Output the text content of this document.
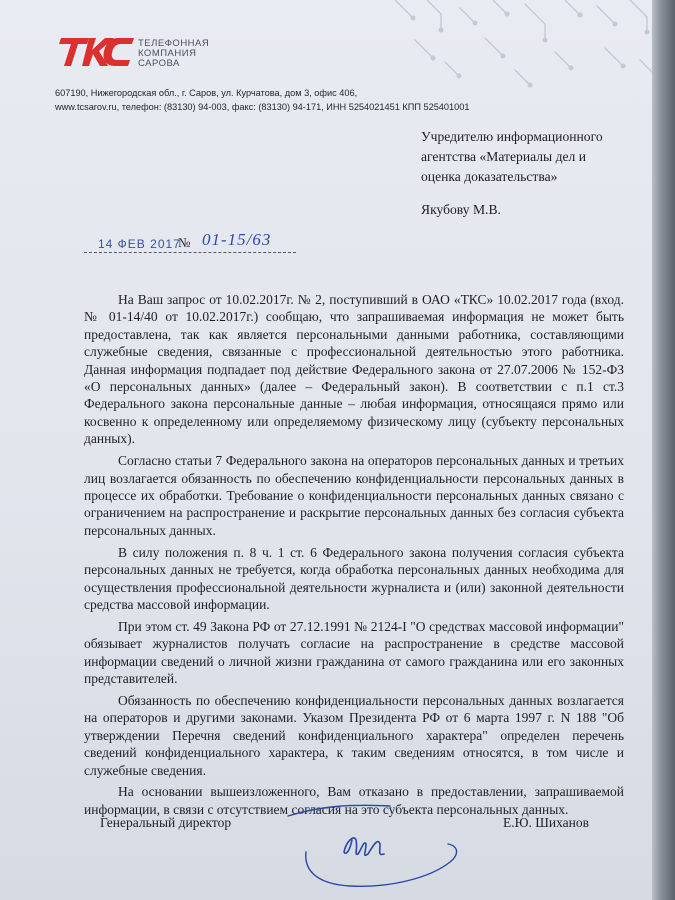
ТЕЛЕФОННАЯ
КОМПАНИЯ
САРОВА
607190, Нижегородская обл., г. Саров, ул. Курчатова, дом 3, офис 406,
www.tcsarov.ru, телефон: (83130) 94-003, факс: (83130) 94-171, ИНН 5254021451 КПП 525401001
Учредителю информационного
агентства «Материалы дел и
оценка доказательства»
Якубову М.В.
14 ФЕВ 2017
№ 01-15/63

На Ваш запрос от 10.02.2017г. № 2, поступивший в ОАО «ТКС» 10.02.2017 года (вход. № 01-14/40 от 10.02.2017г.) сообщаю, что запрашиваемая информация не может быть предоставлена, так как является персональными данными работника, составляющими служебные сведения, связанные с профессиональной деятельностью этого работника. Данная информация подпадает под действие Федерального закона от 27.07.2006 № 152-ФЗ «О персональных данных» (далее – Федеральный закон). В соответствии с п.1 ст.3 Федерального закона персональные данные – любая информация, относящаяся прямо или косвенно к определенному или определяемому физическому лицу (субъекту персональных данных).

Согласно статьи 7 Федерального закона на операторов персональных данных и третьих лиц возлагается обязанность по обеспечению конфиденциальности персональных данных в процессе их обработки. Требование о конфиденциальности персональных данных связано с ограничением на распространение и раскрытие персональных данных без согласия субъекта персональных данных.

В силу положения п. 8 ч. 1 ст. 6 Федерального закона получения согласия субъекта персональных данных не требуется, когда обработка персональных данных необходима для осуществления профессиональной деятельности журналиста и (или) законной деятельности средства массовой информации.

При этом ст. 49 Закона РФ от 27.12.1991 № 2124-I "О средствах массовой информации" обязывает журналистов получать согласие на распространение в средстве массовой информации сведений о личной жизни гражданина от самого гражданина или его законных представителей.

Обязанность по обеспечению конфиденциальности персональных данных возлагается на операторов и другими законами. Указом Президента РФ от 6 марта 1997 г. N 188 "Об утверждении Перечня сведений конфиденциального характера" определен перечень сведений конфиденциального характера, к таким сведениям относятся, в том числе и служебные сведения.

На основании вышеизложенного, Вам отказано в предоставлении, запрашиваемой информации, в связи с отсутствием согласия на это субъекта персональных данных.

Генеральный директор	Е.Ю. Шиханов
